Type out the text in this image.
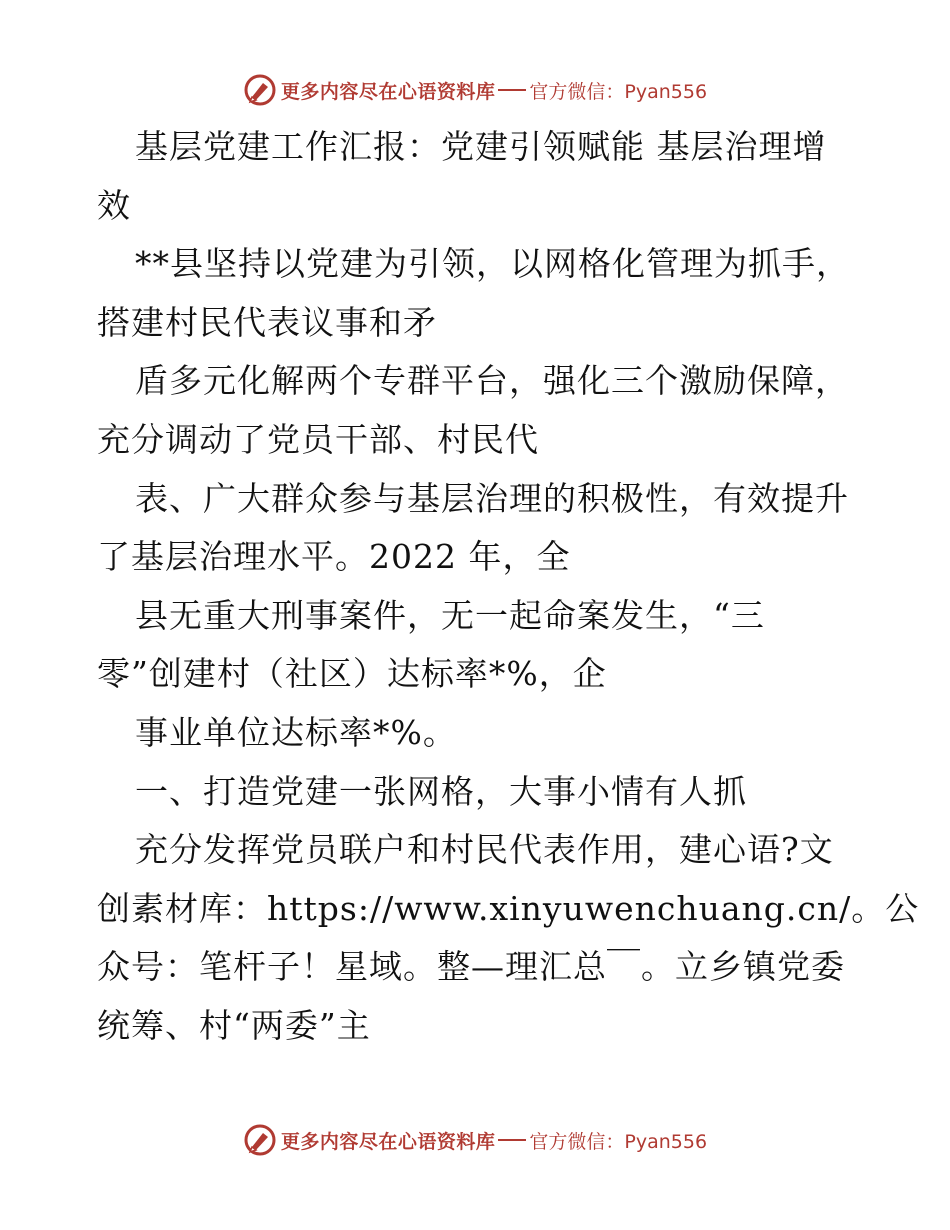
更多内容尽在心语资料库 官方微信：Pyan556
基层党建工作汇报：党建引领赋能 基层治理增
效
**县坚持以党建为引领，以网格化管理为抓手，
搭建村民代表议事和矛
盾多元化解两个专群平台，强化三个激励保障，
充分调动了党员干部、村民代
表、广大群众参与基层治理的积极性，有效提升
了基层治理水平。2022 年，全
县无重大刑事案件，无一起命案发生，“三
零”创建村（社区）达标率*%，企
事业单位达标率*%。
一、打造党建一张网格，大事小情有人抓
充分发挥党员联户和村民代表作用，建心语?文
创素材库：https://www.xinyuwenchuang.cn/。公
众号：笔杆子！星域。整—理汇总￣。立乡镇党委
统筹、村“两委”主
更多内容尽在心语资料库 官方微信：Pyan556
